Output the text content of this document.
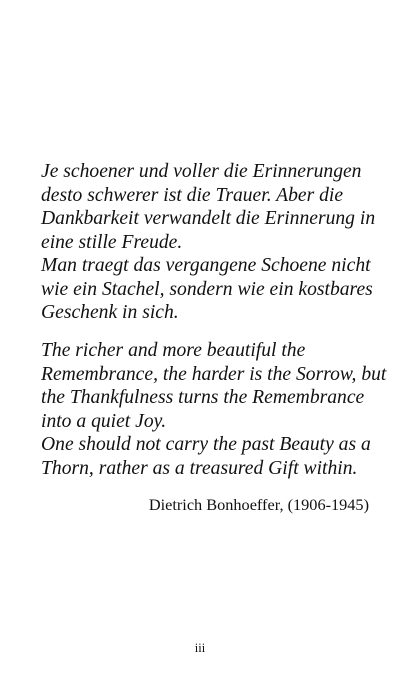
Je schoener und voller die Erinnerungen
desto schwerer ist die Trauer. Aber die
Dankbarkeit verwandelt die Erinnerung in
eine stille Freude.
Man traegt das vergangene Schoene nicht
wie ein Stachel, sondern wie ein kostbares
Geschenk in sich.
The richer and more beautiful the
Remembrance, the harder is the Sorrow, but
the Thankfulness turns the Remembrance
into a quiet Joy.
One should not carry the past Beauty as a
Thorn, rather as a treasured Gift within.
Dietrich Bonhoeffer, (1906-1945)
iii
